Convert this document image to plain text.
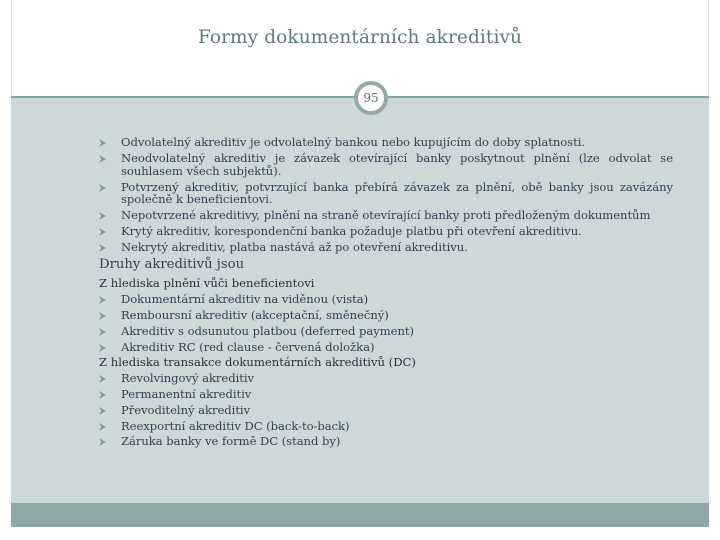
Formy dokumentárních akreditivů
95
Odvolatelný akreditiv je odvolatelný bankou nebo kupujícím do doby splatnosti.
Neodvolatelný akreditiv je závazek otevírající banky poskytnout plnění (lze odvolat se souhlasem všech subjektů).
Potvrzený akreditiv, potvrzující banka přebírá závazek za plnění, obě banky jsou zavázány společně k beneficientovi.
Nepotvrzené akreditivy, plnění na straně otevírající banky proti předloženým dokumentům
Krytý akreditiv, korespondenční banka požaduje platbu při otevření akreditivu.
Nekrytý akreditiv, platba nastává až po otevření akreditivu.
Druhy akreditivů jsou
Z hlediska plnění vůči beneficientovi
Dokumentární akreditiv na viděnou (vista)
Remboursní akreditiv (akceptační, směnečný)
Akreditiv s odsunutou platbou (deferred payment)
Akreditiv RC (red clause - červená doložka)
Z hlediska transakce dokumentárních akreditivů (DC)
Revolvingový akreditiv
Permanentní akreditiv
Převoditelný akreditiv
Reexportní akreditiv DC (back-to-back)
Záruka banky ve formě DC (stand by)
